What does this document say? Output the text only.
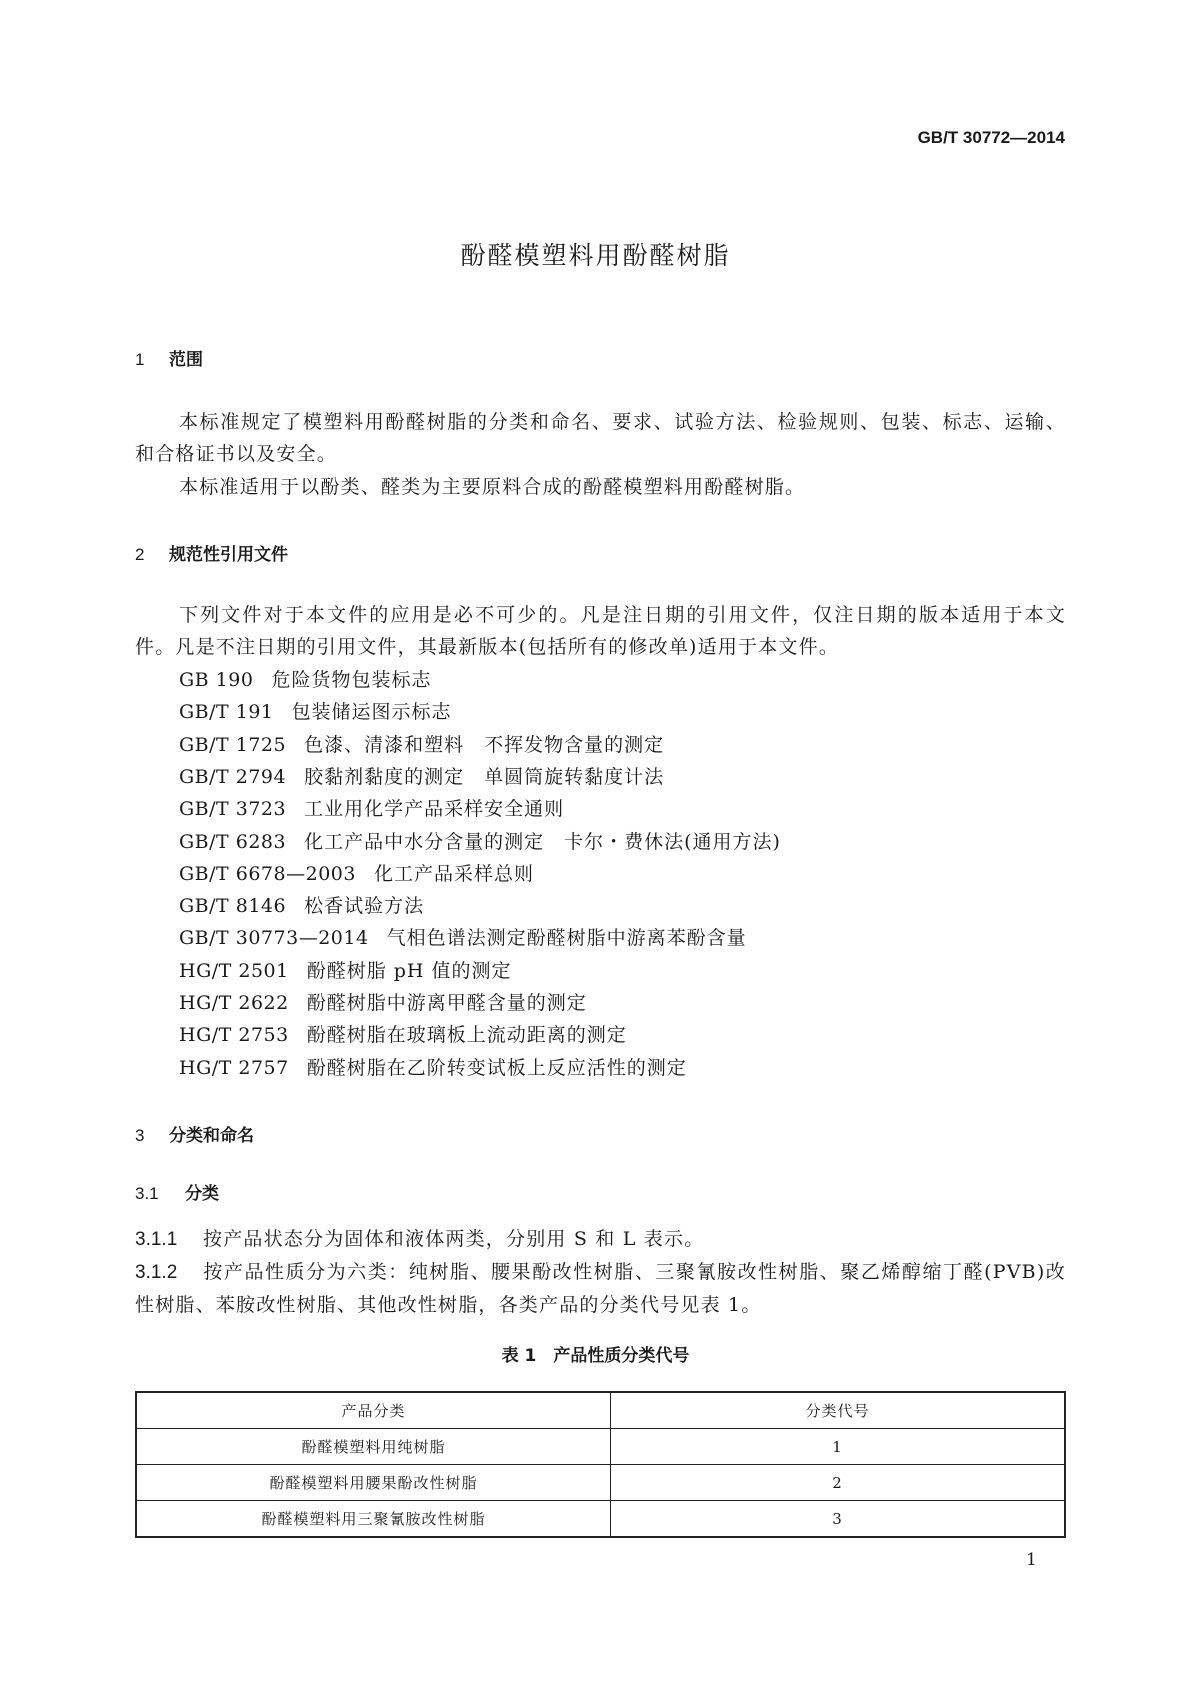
GB/T 30772—2014
酚醛模塑料用酚醛树脂
1 范围
本标准规定了模塑料用酚醛树脂的分类和命名、要求、试验方法、检验规则、包装、标志、运输、
和合格证书以及安全。
本标准适用于以酚类、醛类为主要原料合成的酚醛模塑料用酚醛树脂。
2 规范性引用文件
下列文件对于本文件的应用是必不可少的。凡是注日期的引用文件，仅注日期的版本适用于本文
件。凡是不注日期的引用文件，其最新版本(包括所有的修改单)适用于本文件。
GB 190 危险货物包装标志
GB/T 191 包装储运图示标志
GB/T 1725 色漆、清漆和塑料　不挥发物含量的测定
GB/T 2794 胶黏剂黏度的测定　单圆筒旋转黏度计法
GB/T 3723 工业用化学产品采样安全通则
GB/T 6283 化工产品中水分含量的测定　卡尔・费休法(通用方法)
GB/T 6678—2003 化工产品采样总则
GB/T 8146 松香试验方法
GB/T 30773—2014 气相色谱法测定酚醛树脂中游离苯酚含量
HG/T 2501 酚醛树脂 pH 值的测定
HG/T 2622 酚醛树脂中游离甲醛含量的测定
HG/T 2753 酚醛树脂在玻璃板上流动距离的测定
HG/T 2757 酚醛树脂在乙阶转变试板上反应活性的测定
3 分类和命名
3.1 分类
3.1.1 按产品状态分为固体和液体两类，分别用 S 和 L 表示。
3.1.2 按产品性质分为六类：纯树脂、腰果酚改性树脂、三聚氰胺改性树脂、聚乙烯醇缩丁醛(PVB)改
性树脂、苯胺改性树脂、其他改性树脂，各类产品的分类代号见表 1。
表 1　产品性质分类代号
产品分类	分类代号
酚醛模塑料用纯树脂	1
酚醛模塑料用腰果酚改性树脂	2
酚醛模塑料用三聚氰胺改性树脂	3
1
